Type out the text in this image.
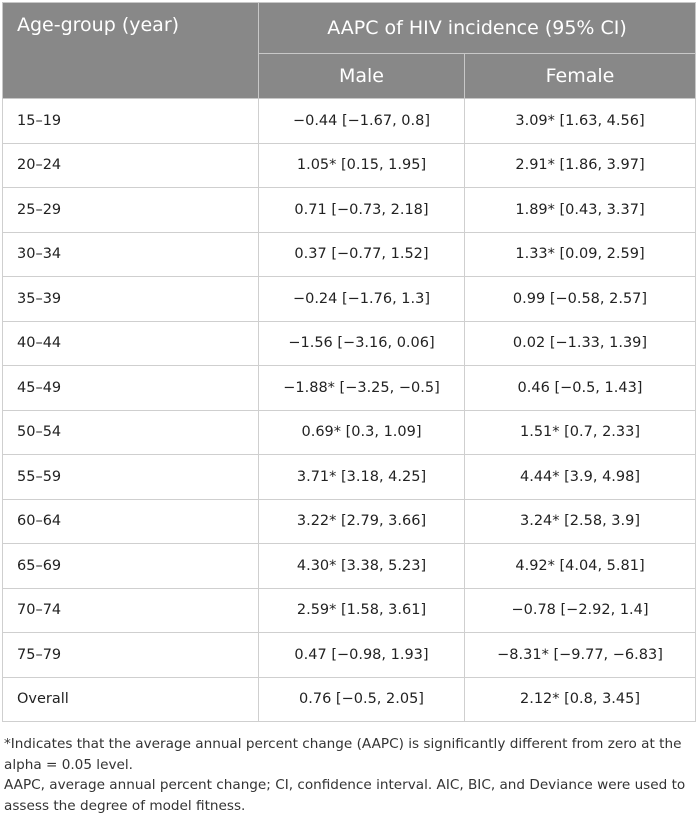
Age-group (year)	AAPC of HIV incidence (95% CI)	
	Male	Female
15–19	−0.44 [−1.67, 0.8]	3.09* [1.63, 4.56]
20–24	1.05* [0.15, 1.95]	2.91* [1.86, 3.97]
25–29	0.71 [−0.73, 2.18]	1.89* [0.43, 3.37]
30–34	0.37 [−0.77, 1.52]	1.33* [0.09, 2.59]
35–39	−0.24 [−1.76, 1.3]	0.99 [−0.58, 2.57]
40–44	−1.56 [−3.16, 0.06]	0.02 [−1.33, 1.39]
45–49	−1.88* [−3.25, −0.5]	0.46 [−0.5, 1.43]
50–54	0.69* [0.3, 1.09]	1.51* [0.7, 2.33]
55–59	3.71* [3.18, 4.25]	4.44* [3.9, 4.98]
60–64	3.22* [2.79, 3.66]	3.24* [2.58, 3.9]
65–69	4.30* [3.38, 5.23]	4.92* [4.04, 5.81]
70–74	2.59* [1.58, 3.61]	−0.78 [−2.92, 1.4]
75–79	0.47 [−0.98, 1.93]	−8.31* [−9.77, −6.83]
Overall	0.76 [−0.5, 2.05]	2.12* [0.8, 3.45]

*Indicates that the average annual percent change (AAPC) is significantly different from zero at the alpha = 0.05 level.

AAPC, average annual percent change; CI, confidence interval. AIC, BIC, and Deviance were used to assess the degree of model fitness.
